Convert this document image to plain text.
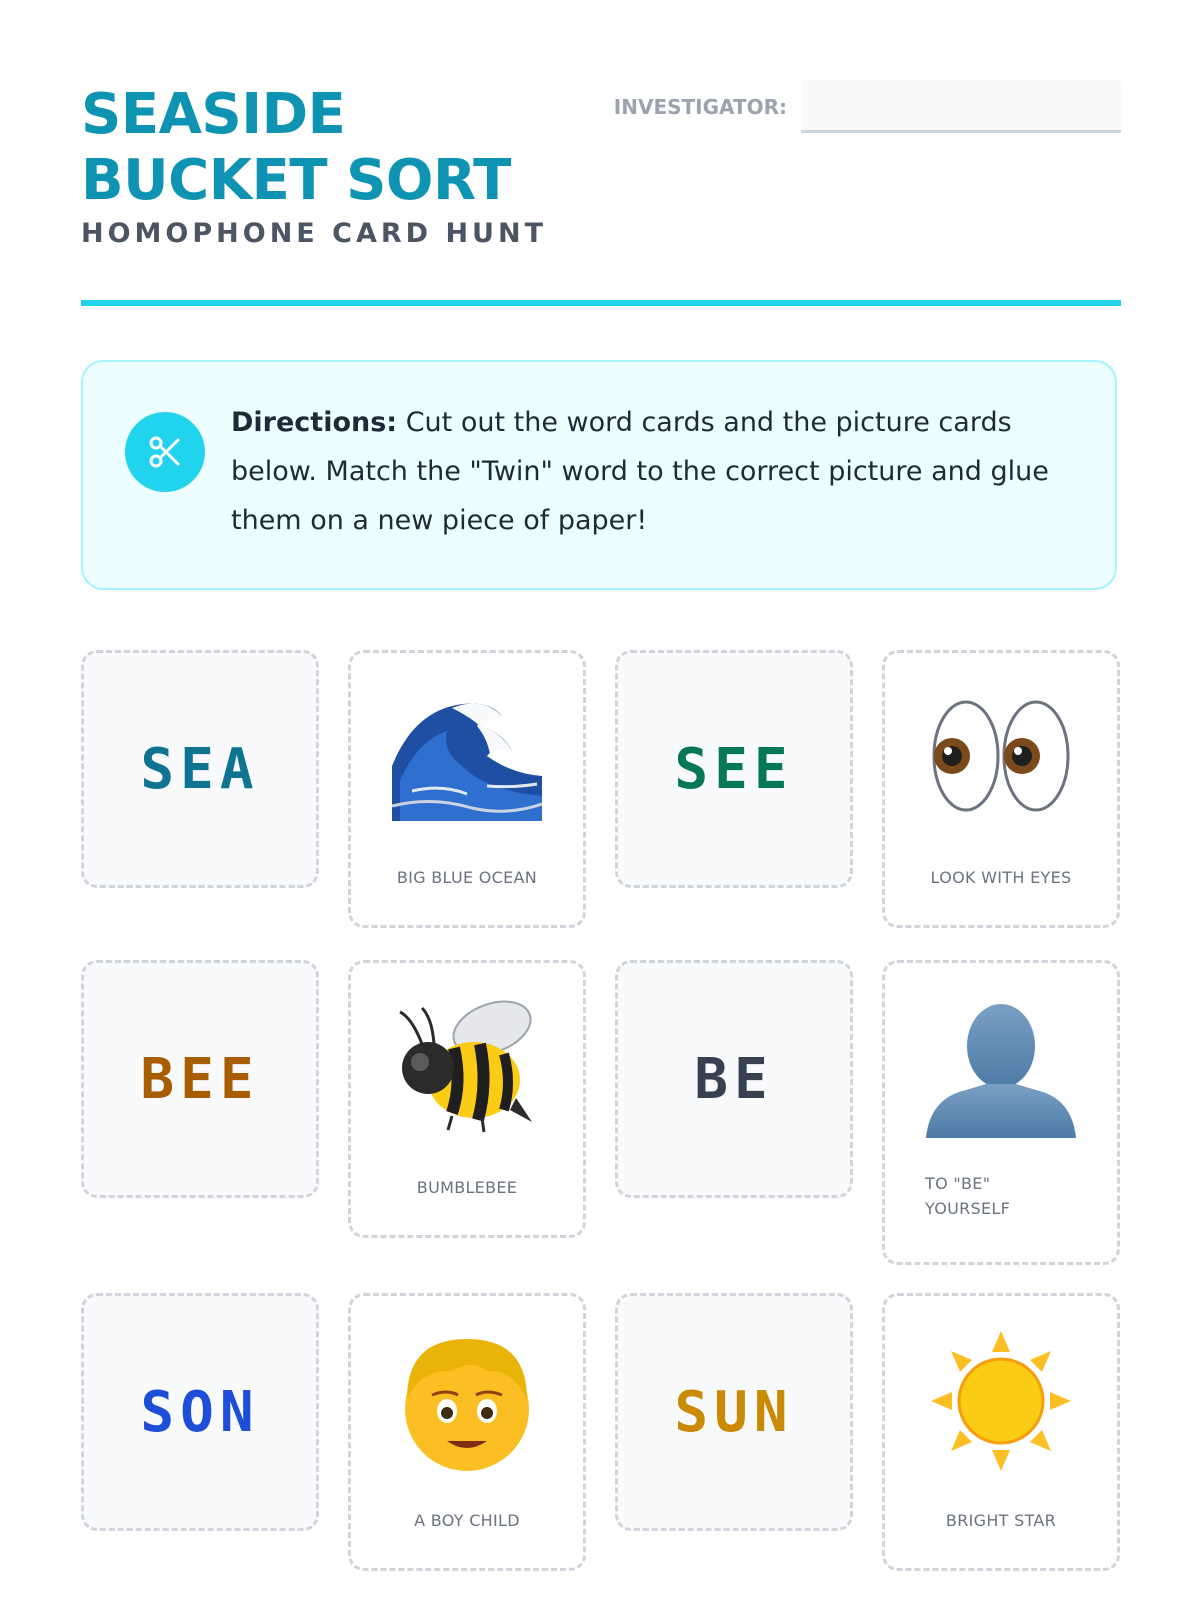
SEASIDE
BUCKET SORT
HOMOPHONE CARD HUNT
INVESTIGATOR:
Directions: Cut out the word cards and the picture cards below. Match the "Twin" word to the correct picture and glue them on a new piece of paper!
SEA
BIG BLUE OCEAN
SEE
LOOK WITH EYES
BEE
BUMBLEBEE
BE
TO "BE"
YOURSELF
SON
A BOY CHILD
SUN
BRIGHT STAR
